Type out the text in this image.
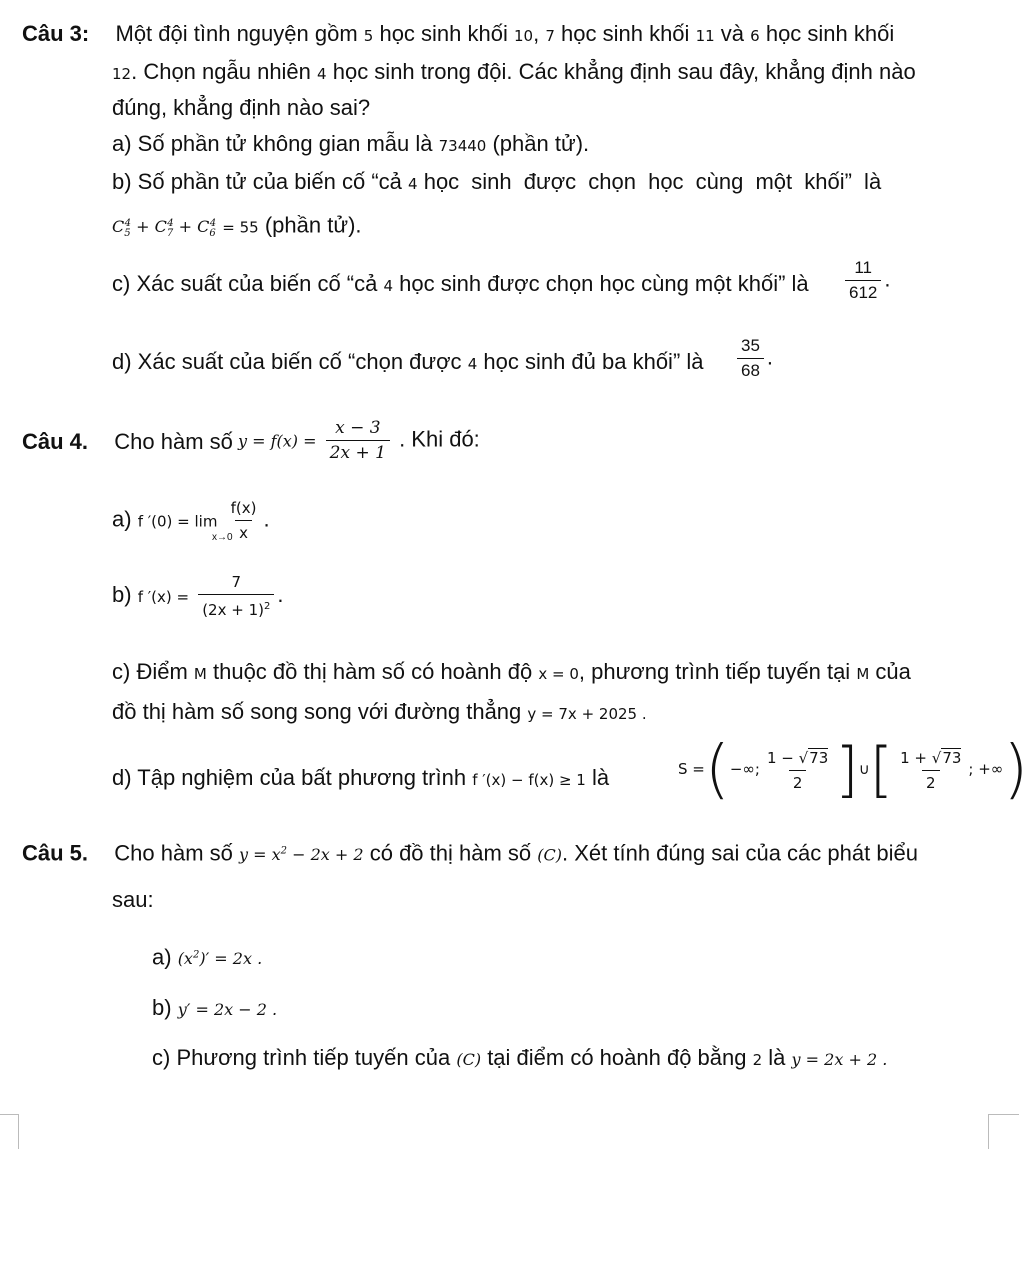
Câu 3: Một đội tình nguyện gồm 5 học sinh khối 10, 7 học sinh khối 11 và 6 học sinh khối
12. Chọn ngẫu nhiên 4 học sinh trong đội. Các khẳng định sau đây, khẳng định nào
đúng, khẳng định nào sai?
a) Số phần tử không gian mẫu là 73440 (phần tử).
b) Số phần tử của biến cố “cả 4 học sinh được chọn học cùng một khối” là
$C_5^4 + C_7^4 + C_6^4 = 55$ (phần tử).
c) Xác suất của biến cố “cả 4 học sinh được chọn học cùng một khối” là $\frac{11}{612}$ .
d) Xác suất của biến cố “chọn được 4 học sinh đủ ba khối” là $\frac{35}{68}$ .
Câu 4. Cho hàm số $y = f(x) = \frac{x - 3}{2x + 1}$ . Khi đó:
a) f $'(0) = \lim \frac{f(x)}{x}$ .
x→0
b) f $'(x) = \frac{7}{(2x + 1)^2}$ .
c) Điểm M thuộc đồ thị hàm số có hoành độ x = 0, phương trình tiếp tuyến tại M của
đồ thị hàm số song song với đường thẳng y = 7x + 2025 .
d) Tập nghiệm của bất phương trình f ′(x) − f(x) ≥ 1 là	S =(−∞; $\frac{1 - √73}{2}$ ]∪[ $\frac{1 + √73}{2}$ ; +∞)
Câu 5. Cho hàm số $y = x^2 - 2x + 2$ có đồ thị hàm số (C). Xét tính đúng sai của các phát biểu
sau:
a) $(x^2)' = 2x$ .
b) y′ = 2x − 2 .
c) Phương trình tiếp tuyến của (C) tại điểm có hoành độ bằng 2 là y = 2x + 2 .
